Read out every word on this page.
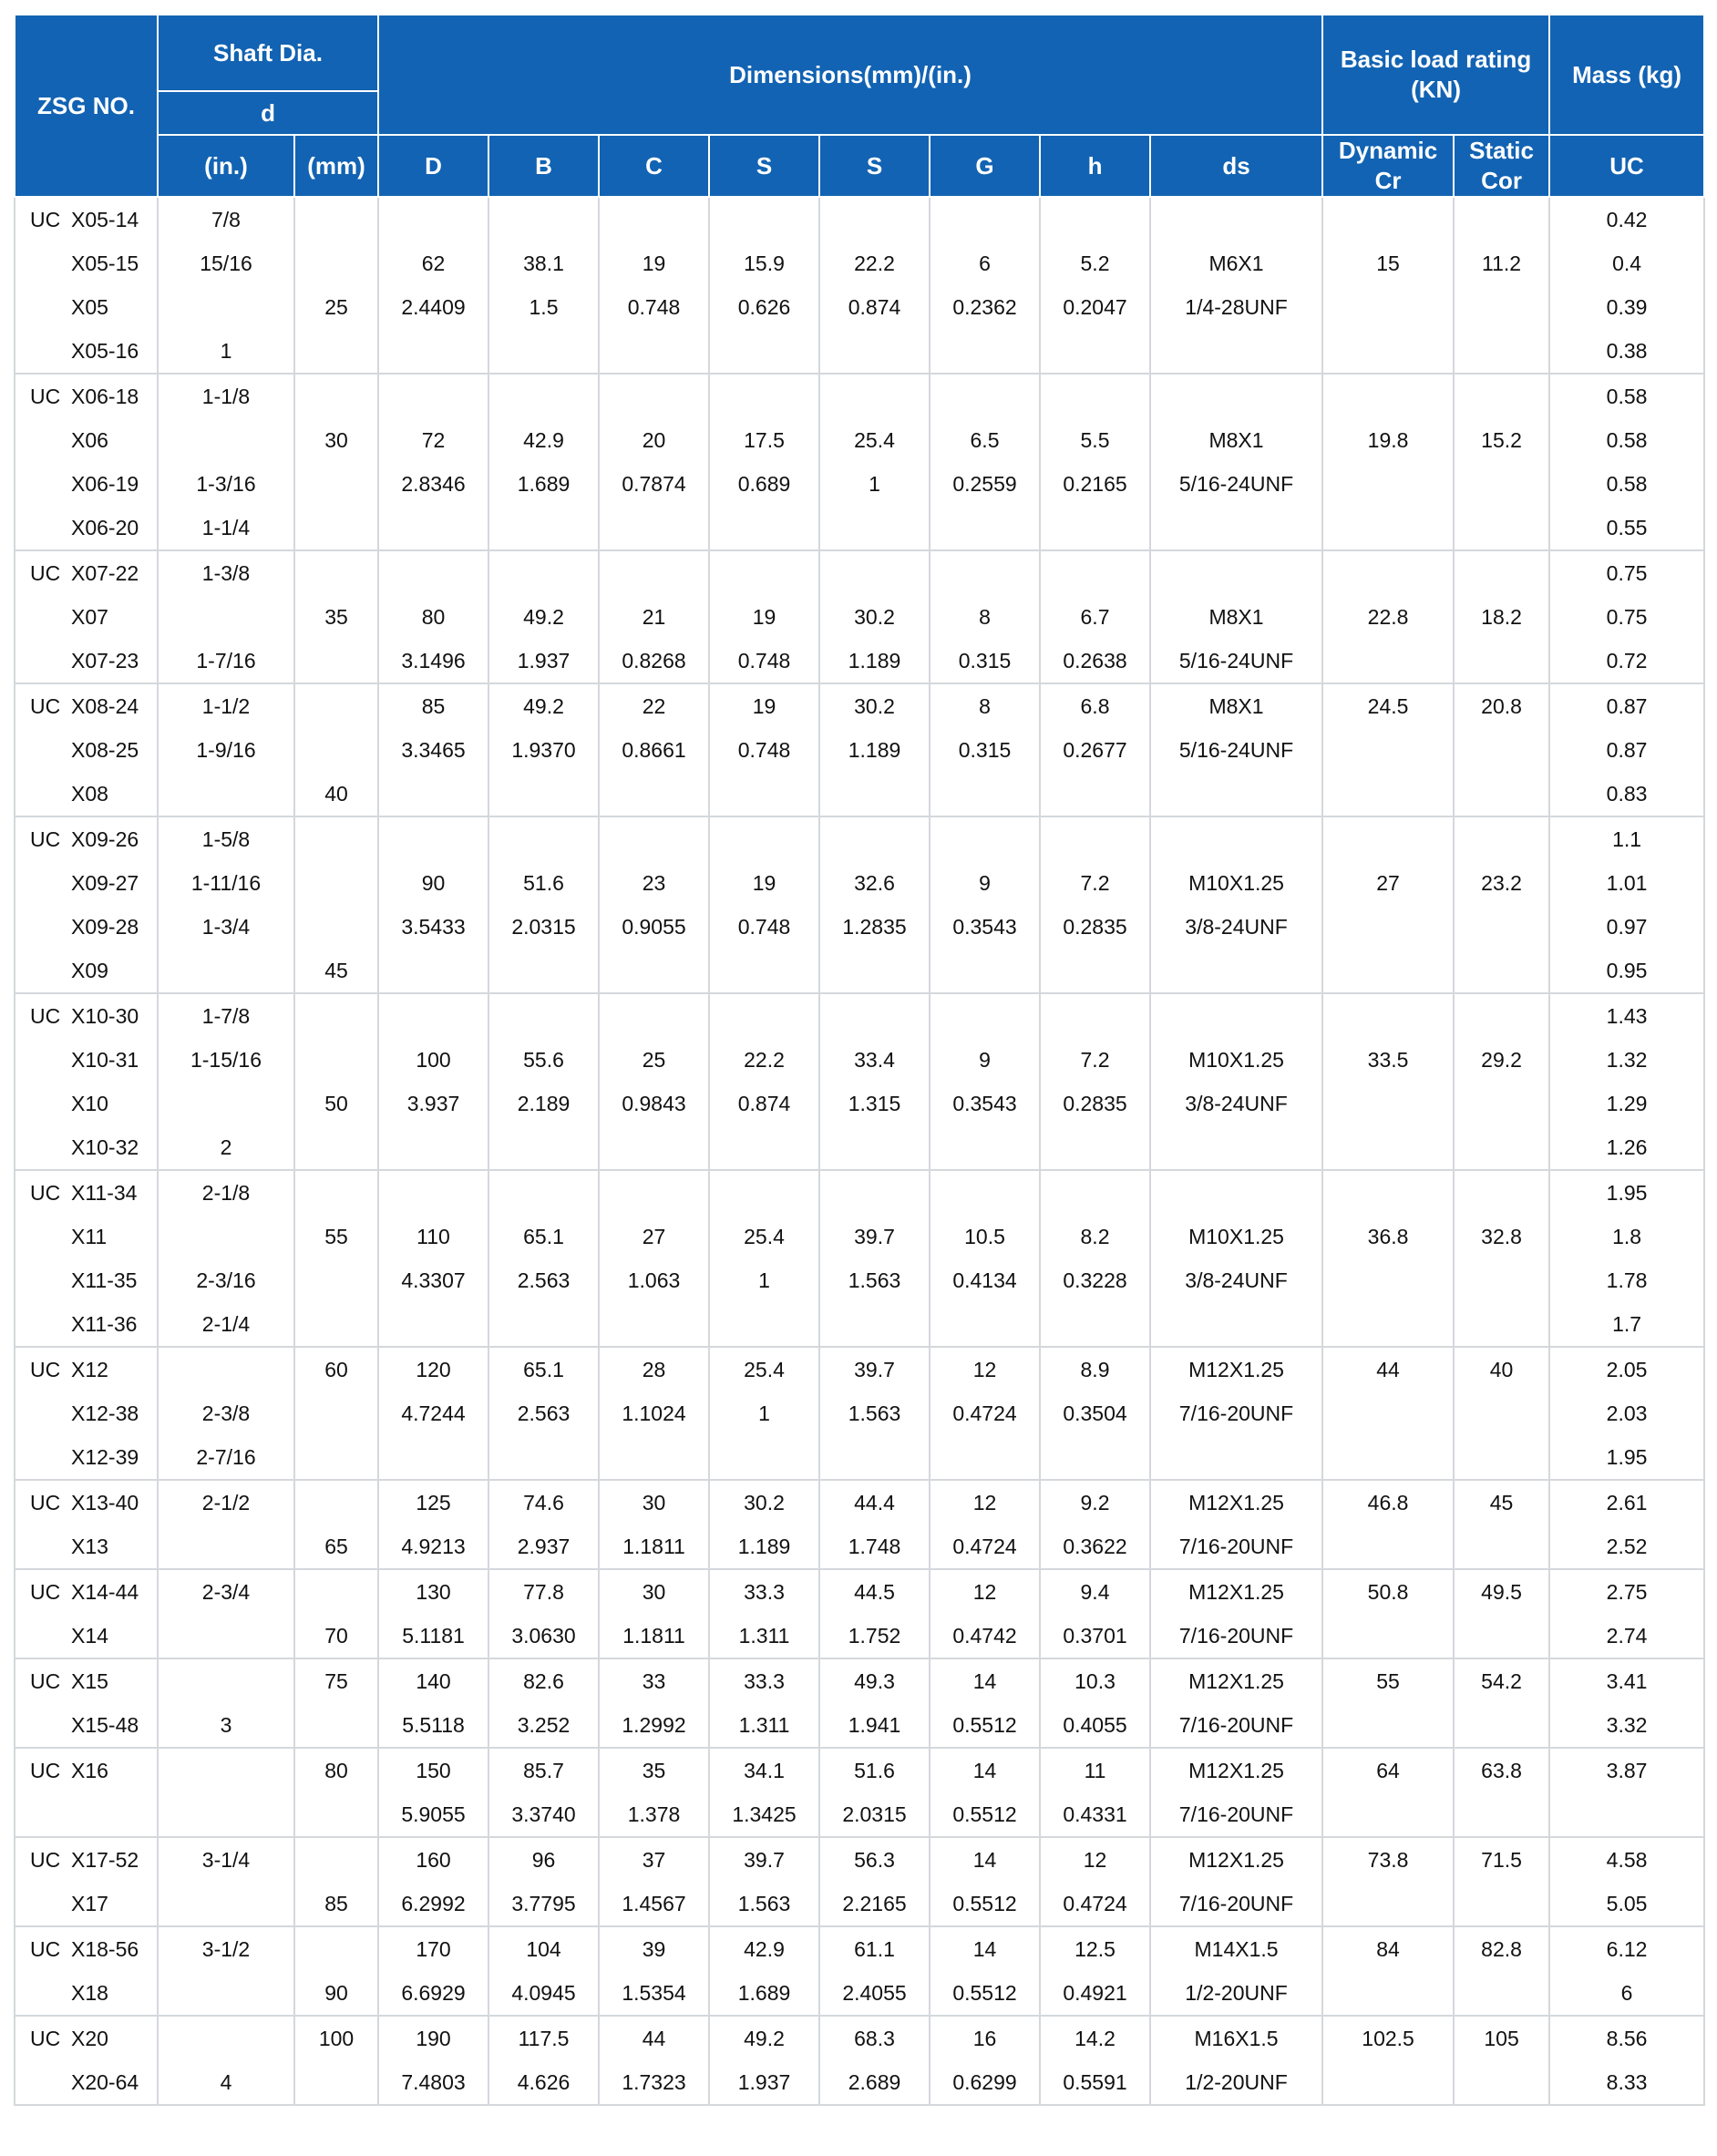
ZSG NO.	Shaft Dia.		Dimensions(mm)/(in.)								Basic load rating (KN)		Mass (kg)
	d												
	(in.)	(mm)	D	B	C	S	S	G	h	ds	Dynamic Cr	Static Cor	UC
UC X05-14	7/8												0.42
X05-15	15/16		62	38.1	19	15.9	22.2	6	5.2	M6X1	15	11.2	0.4
X05		25	2.4409	1.5	0.748	0.626	0.874	0.2362	0.2047	1/4-28UNF			0.39
X05-16	1												0.38
UC X06-18	1-1/8												0.58
X06		30	72	42.9	20	17.5	25.4	6.5	5.5	M8X1	19.8	15.2	0.58
X06-19	1-3/16		2.8346	1.689	0.7874	0.689	1	0.2559	0.2165	5/16-24UNF			0.58
X06-20	1-1/4												0.55
UC X07-22	1-3/8												0.75
X07		35	80	49.2	21	19	30.2	8	6.7	M8X1	22.8	18.2	0.75
X07-23	1-7/16		3.1496	1.937	0.8268	0.748	1.189	0.315	0.2638	5/16-24UNF			0.72
UC X08-24	1-1/2		85	49.2	22	19	30.2	8	6.8	M8X1	24.5	20.8	0.87
X08-25	1-9/16		3.3465	1.9370	0.8661	0.748	1.189	0.315	0.2677	5/16-24UNF			0.87
X08		40											0.83
UC X09-26	1-5/8												1.1
X09-27	1-11/16		90	51.6	23	19	32.6	9	7.2	M10X1.25	27	23.2	1.01
X09-28	1-3/4		3.5433	2.0315	0.9055	0.748	1.2835	0.3543	0.2835	3/8-24UNF			0.97
X09		45											0.95
UC X10-30	1-7/8												1.43
X10-31	1-15/16		100	55.6	25	22.2	33.4	9	7.2	M10X1.25	33.5	29.2	1.32
X10		50	3.937	2.189	0.9843	0.874	1.315	0.3543	0.2835	3/8-24UNF			1.29
X10-32	2												1.26
UC X11-34	2-1/8												1.95
X11		55	110	65.1	27	25.4	39.7	10.5	8.2	M10X1.25	36.8	32.8	1.8
X11-35	2-3/16		4.3307	2.563	1.063	1	1.563	0.4134	0.3228	3/8-24UNF			1.78
X11-36	2-1/4												1.7
UC X12		60	120	65.1	28	25.4	39.7	12	8.9	M12X1.25	44	40	2.05
X12-38	2-3/8		4.7244	2.563	1.1024	1	1.563	0.4724	0.3504	7/16-20UNF			2.03
X12-39	2-7/16												1.95
UC X13-40	2-1/2		125	74.6	30	30.2	44.4	12	9.2	M12X1.25	46.8	45	2.61
X13		65	4.9213	2.937	1.1811	1.189	1.748	0.4724	0.3622	7/16-20UNF			2.52
UC X14-44	2-3/4		130	77.8	30	33.3	44.5	12	9.4	M12X1.25	50.8	49.5	2.75
X14		70	5.1181	3.0630	1.1811	1.311	1.752	0.4742	0.3701	7/16-20UNF			2.74
UC X15		75	140	82.6	33	33.3	49.3	14	10.3	M12X1.25	55	54.2	3.41
X15-48	3		5.5118	3.252	1.2992	1.311	1.941	0.5512	0.4055	7/16-20UNF			3.32
UC X16		80	150	85.7	35	34.1	51.6	14	11	M12X1.25	64	63.8	3.87
			5.9055	3.3740	1.378	1.3425	2.0315	0.5512	0.4331	7/16-20UNF			
UC X17-52	3-1/4		160	96	37	39.7	56.3	14	12	M12X1.25	73.8	71.5	4.58
X17		85	6.2992	3.7795	1.4567	1.563	2.2165	0.5512	0.4724	7/16-20UNF			5.05
UC X18-56	3-1/2		170	104	39	42.9	61.1	14	12.5	M14X1.5	84	82.8	6.12
X18		90	6.6929	4.0945	1.5354	1.689	2.4055	0.5512	0.4921	1/2-20UNF			6
UC X20		100	190	117.5	44	49.2	68.3	16	14.2	M16X1.5	102.5	105	8.56
X20-64	4		7.4803	4.626	1.7323	1.937	2.689	0.6299	0.5591	1/2-20UNF			8.33
